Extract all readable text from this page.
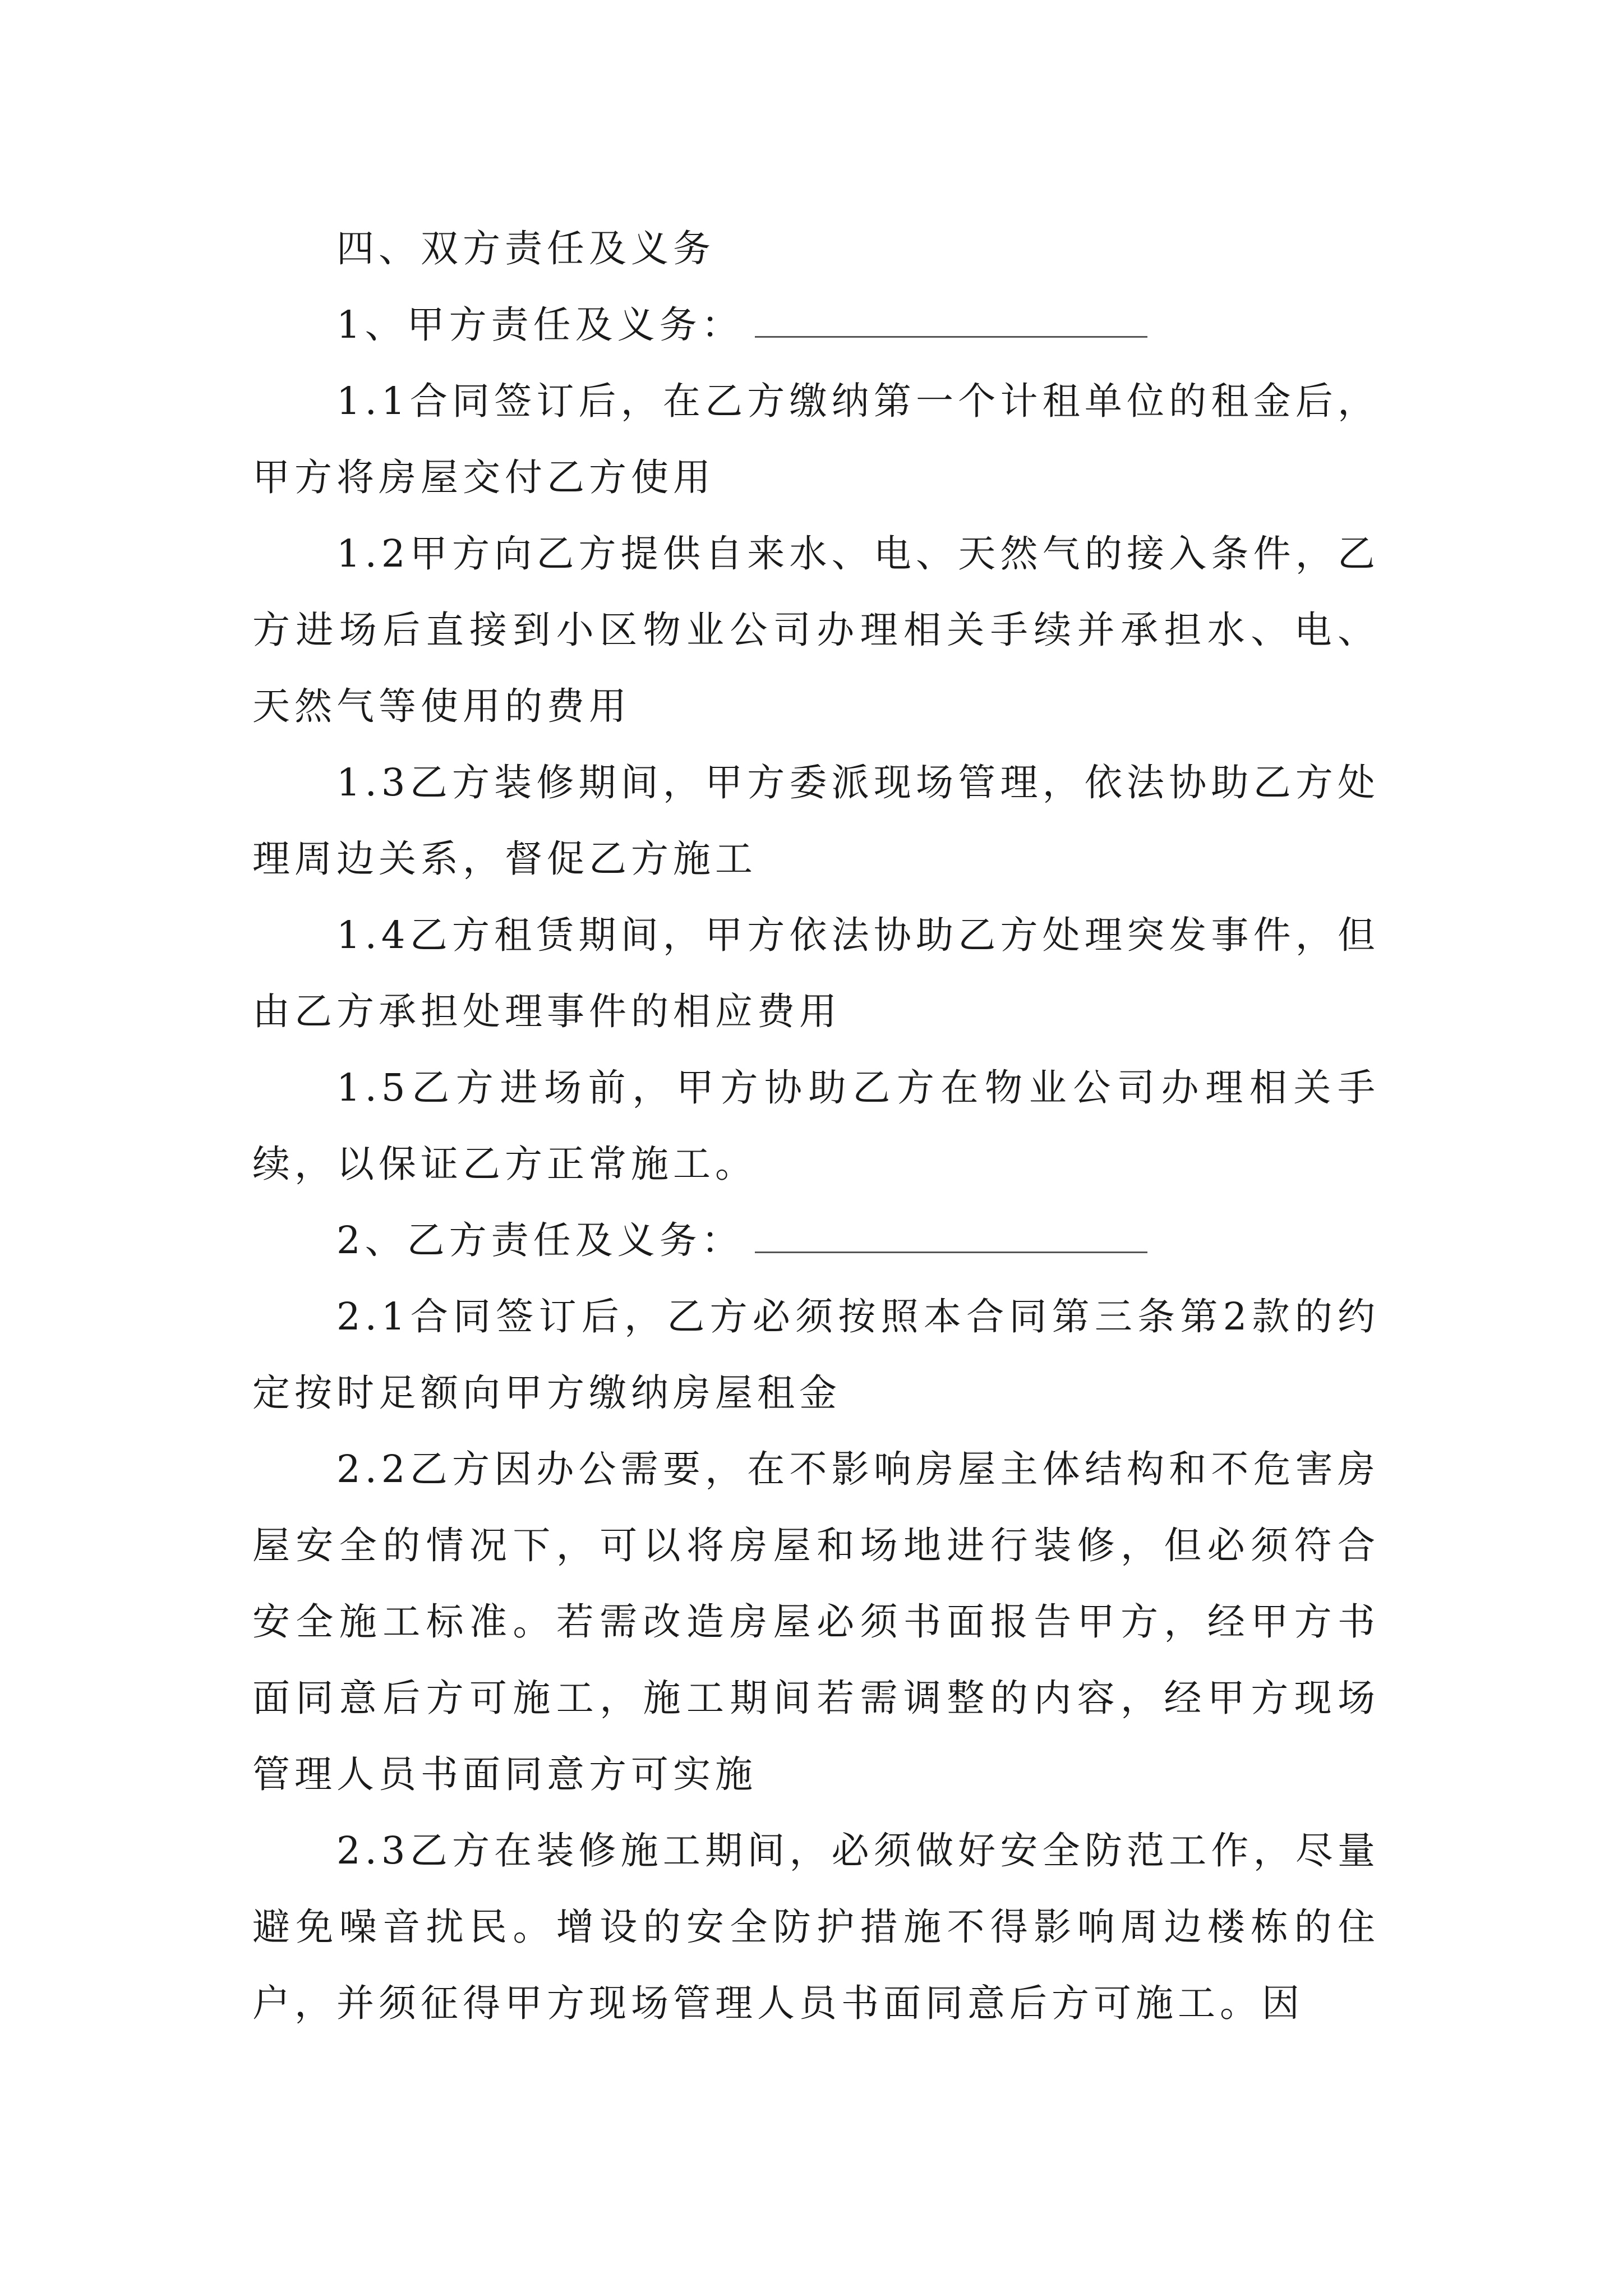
四、双方责任及义务

1、甲方责任及义务：

1.1合同签订后，在乙方缴纳第一个计租单位的租金后，甲方将房屋交付乙方使用

1.2甲方向乙方提供自来水、电、天然气的接入条件，乙方进场后直接到小区物业公司办理相关手续并承担水、电、天然气等使用的费用

1.3乙方装修期间，甲方委派现场管理，依法协助乙方处理周边关系，督促乙方施工

1.4乙方租赁期间，甲方依法协助乙方处理突发事件，但由乙方承担处理事件的相应费用

1.5乙方进场前，甲方协助乙方在物业公司办理相关手续，以保证乙方正常施工。

2、乙方责任及义务：

2.1合同签订后，乙方必须按照本合同第三条第2款的约定按时足额向甲方缴纳房屋租金

2.2乙方因办公需要，在不影响房屋主体结构和不危害房屋安全的情况下，可以将房屋和场地进行装修，但必须符合安全施工标准。若需改造房屋必须书面报告甲方，经甲方书面同意后方可施工，施工期间若需调整的内容，经甲方现场管理人员书面同意方可实施

2.3乙方在装修施工期间，必须做好安全防范工作，尽量避免噪音扰民。增设的安全防护措施不得影响周边楼栋的住户，并须征得甲方现场管理人员书面同意后方可施工。因
